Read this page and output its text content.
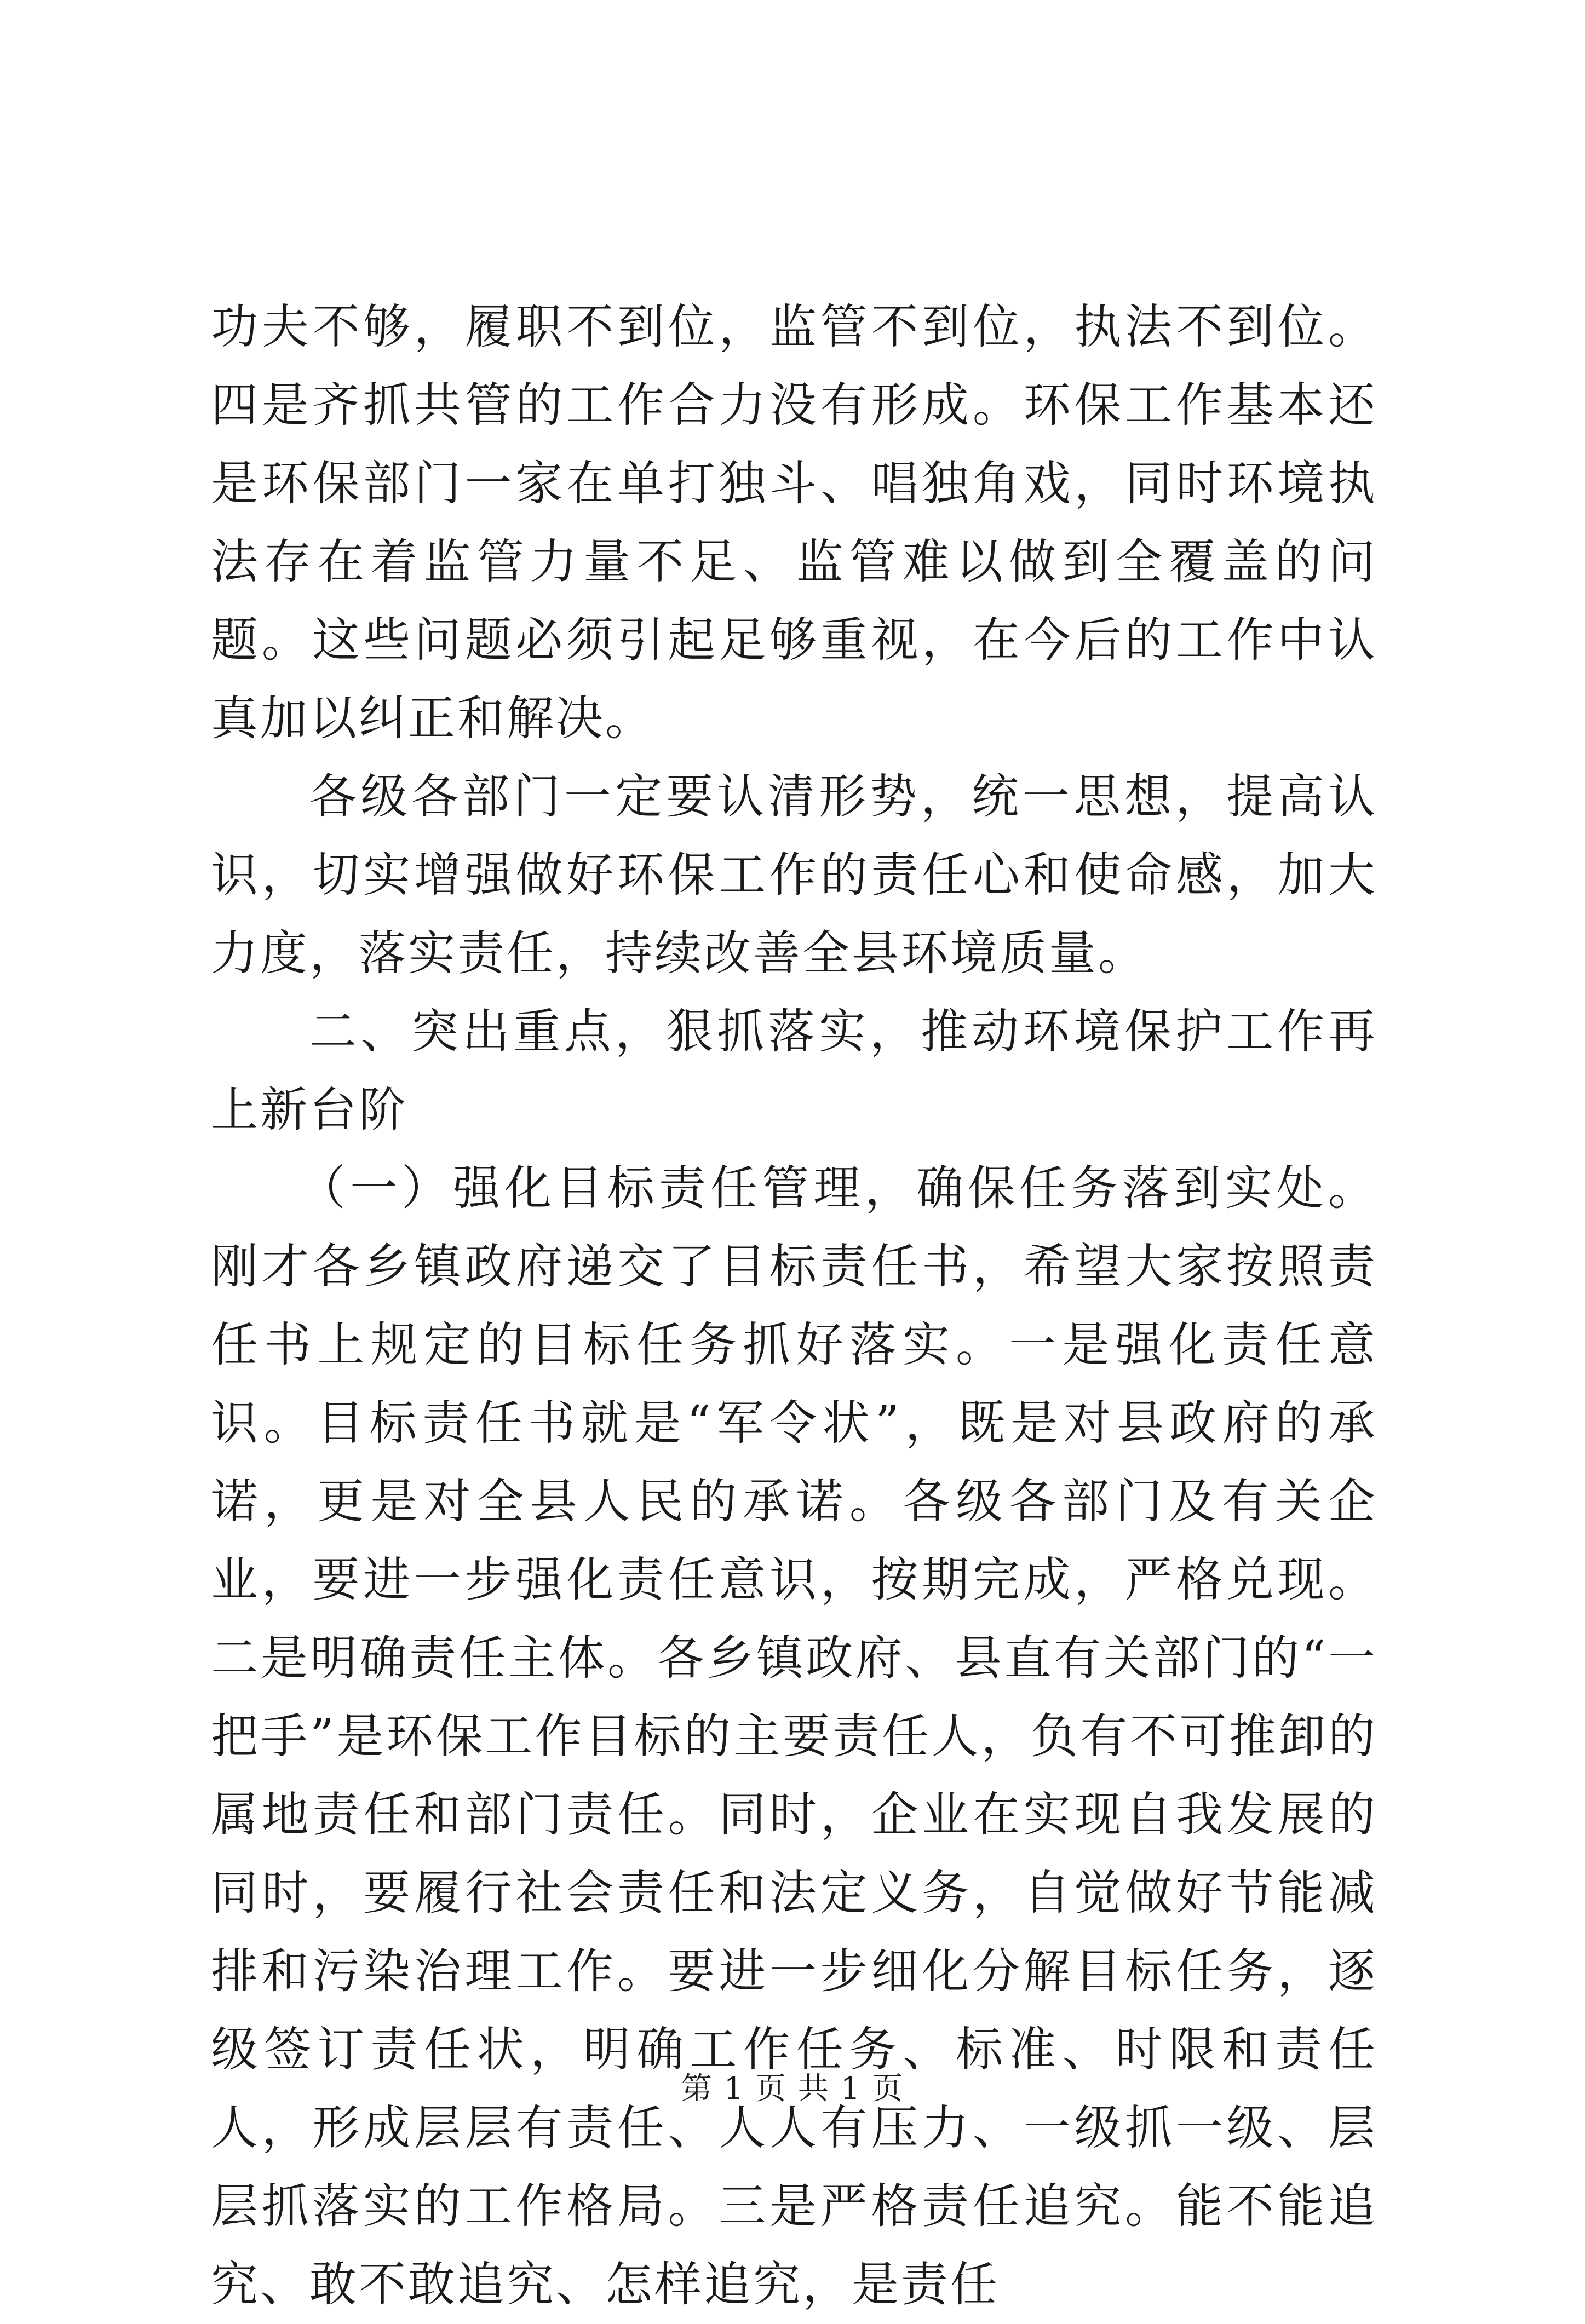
功夫不够，履职不到位，监管不到位，执法不到位。四是齐抓共管的工作合力没有形成。环保工作基本还是环保部门一家在单打独斗、唱独角戏，同时环境执法存在着监管力量不足、监管难以做到全覆盖的问题。这些问题必须引起足够重视，在今后的工作中认真加以纠正和解决。

各级各部门一定要认清形势，统一思想，提高认识，切实增强做好环保工作的责任心和使命感，加大力度，落实责任，持续改善全县环境质量。

二、突出重点，狠抓落实，推动环境保护工作再上新台阶

（一）强化目标责任管理，确保任务落到实处。刚才各乡镇政府递交了目标责任书，希望大家按照责任书上规定的目标任务抓好落实。一是强化责任意识。目标责任书就是“军令状”，既是对县政府的承诺，更是对全县人民的承诺。各级各部门及有关企业，要进一步强化责任意识，按期完成，严格兑现。二是明确责任主体。各乡镇政府、县直有关部门的“一把手”是环保工作目标的主要责任人，负有不可推卸的属地责任和部门责任。同时，企业在实现自我发展的同时，要履行社会责任和法定义务，自觉做好节能减排和污染治理工作。要进一步细化分解目标任务，逐级签订责任状，明确工作任务、标准、时限和责任人，形成层层有责任、人人有压力、一级抓一级、层层抓落实的工作格局。三是严格责任追究。能不能追究、敢不敢追究、怎样追究，是责任

第 1 页 共 1 页
